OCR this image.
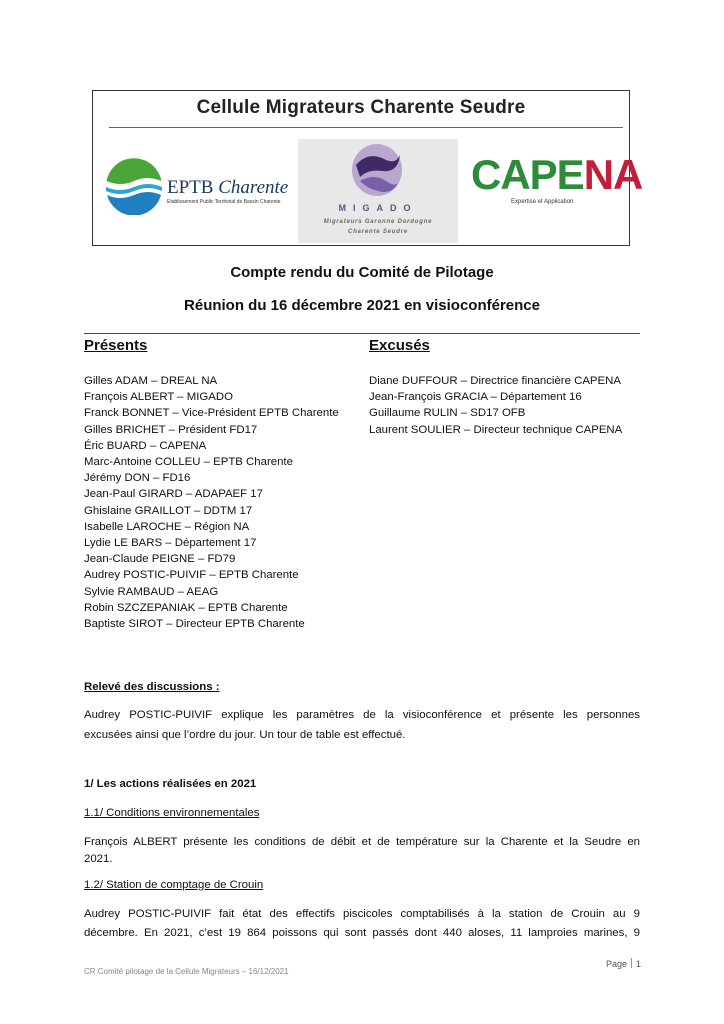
Cellule Migrateurs Charente Seudre
EPTB Charente
Etablissement Public Territorial de Bassin Charente
MIGADO
Migrateurs Garonne Dordogne
Charente Seudre
CAPENA
Expertise et Application
Compte rendu du Comité de Pilotage
Réunion du 16 décembre 2021 en visioconférence
Présents	Excusés
Gilles ADAM – DREAL NA
François ALBERT – MIGADO
Franck BONNET – Vice-Président EPTB Charente
Gilles BRICHET – Président FD17
Éric BUARD – CAPENA
Marc-Antoine COLLEU – EPTB Charente
Jérémy DON – FD16
Jean-Paul GIRARD – ADAPAEF 17
Ghislaine GRAILLOT – DDTM 17
Isabelle LAROCHE – Région NA
Lydie LE BARS – Département 17
Jean-Claude PEIGNE – FD79
Audrey POSTIC-PUIVIF – EPTB Charente
Sylvie RAMBAUD – AEAG
Robin SZCZEPANIAK – EPTB Charente
Baptiste SIROT – Directeur EPTB Charente
Diane DUFFOUR – Directrice financière CAPENA
Jean-François GRACIA – Département 16
Guillaume RULIN – SD17 OFB
Laurent SOULIER – Directeur technique CAPENA
Relevé des discussions :
Audrey POSTIC-PUIVIF explique les paramètres de la visioconférence et présente les personnes
excusées ainsi que l’ordre du jour. Un tour de table est effectué.
1/ Les actions réalisées en 2021
1.1/ Conditions environnementales
François ALBERT présente les conditions de débit et de température sur la Charente et la Seudre en
2021.
1.2/ Station de comptage de Crouin
Audrey POSTIC-PUIVIF fait état des effectifs piscicoles comptabilisés à la station de Crouin au 9
décembre. En 2021, c’est 19 864 poissons qui sont passés dont 440 aloses, 11 lamproies marines, 9
Page 1
CR Comité pilotage de la Cellule Migrateurs – 16/12/2021
